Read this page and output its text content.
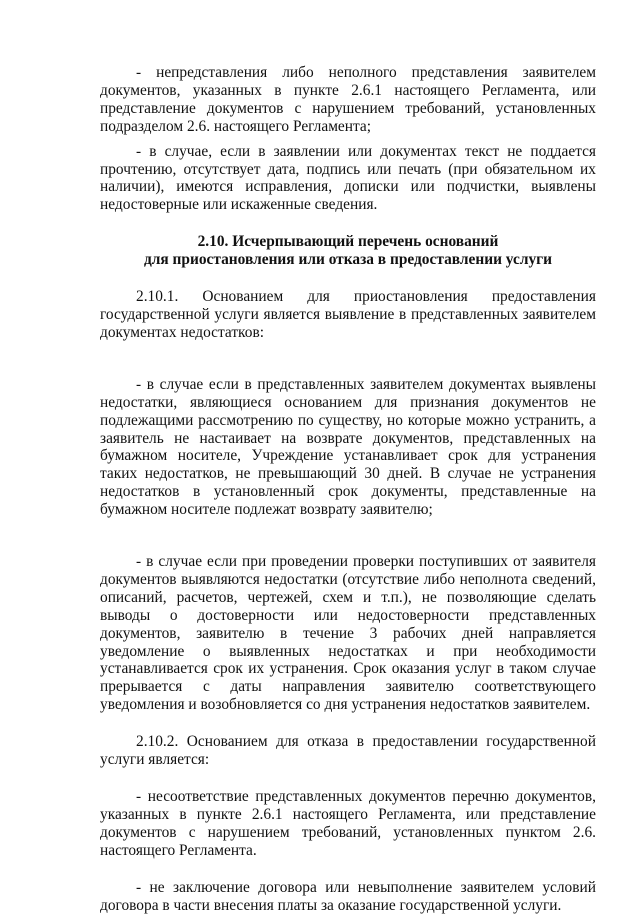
- непредставления либо неполного представления заявителем документов, указанных в пункте 2.6.1 настоящего Регламента, или представление документов с нарушением требований, установленных подразделом 2.6. настоящего Регламента;

- в случае, если в заявлении или документах текст не поддается прочтению, отсутствует дата, подпись или печать (при обязательном их наличии), имеются исправления, дописки или подчистки, выявлены недостоверные или искаженные сведения.

2.10. Исчерпывающий перечень оснований

для приостановления или отказа в предоставлении услуги

2.10.1. Основанием для приостановления предоставления государственной услуги является выявление в представленных заявителем документах недостатков:

- в случае если в представленных заявителем документах выявлены недостатки, являющиеся основанием для признания документов не подлежащими рассмотрению по существу, но которые можно устранить, а заявитель не настаивает на возврате документов, представленных на бумажном носителе, Учреждение устанавливает срок для устранения таких недостатков, не превышающий 30 дней. В случае не устранения недостатков в установленный срок документы, представленные на бумажном носителе подлежат возврату заявителю;

- в случае если при проведении проверки поступивших от заявителя документов выявляются недостатки (отсутствие либо неполнота сведений, описаний, расчетов, чертежей, схем и т.п.), не позволяющие сделать выводы о достоверности или недостоверности представленных документов, заявителю в течение 3 рабочих дней направляется уведомление о выявленных недостатках и при необходимости устанавливается срок их устранения. Срок оказания услуг в таком случае прерывается с даты направления заявителю соответствующего уведомления и возобновляется со дня устранения недостатков заявителем.

2.10.2. Основанием для отказа в предоставлении государственной услуги является:

- несоответствие представленных документов перечню документов, указанных в пункте 2.6.1 настоящего Регламента, или представление документов с нарушением требований, установленных пунктом 2.6. настоящего Регламента.

- не заключение договора или невыполнение заявителем условий договора в части внесения платы за оказание государственной услуги.
